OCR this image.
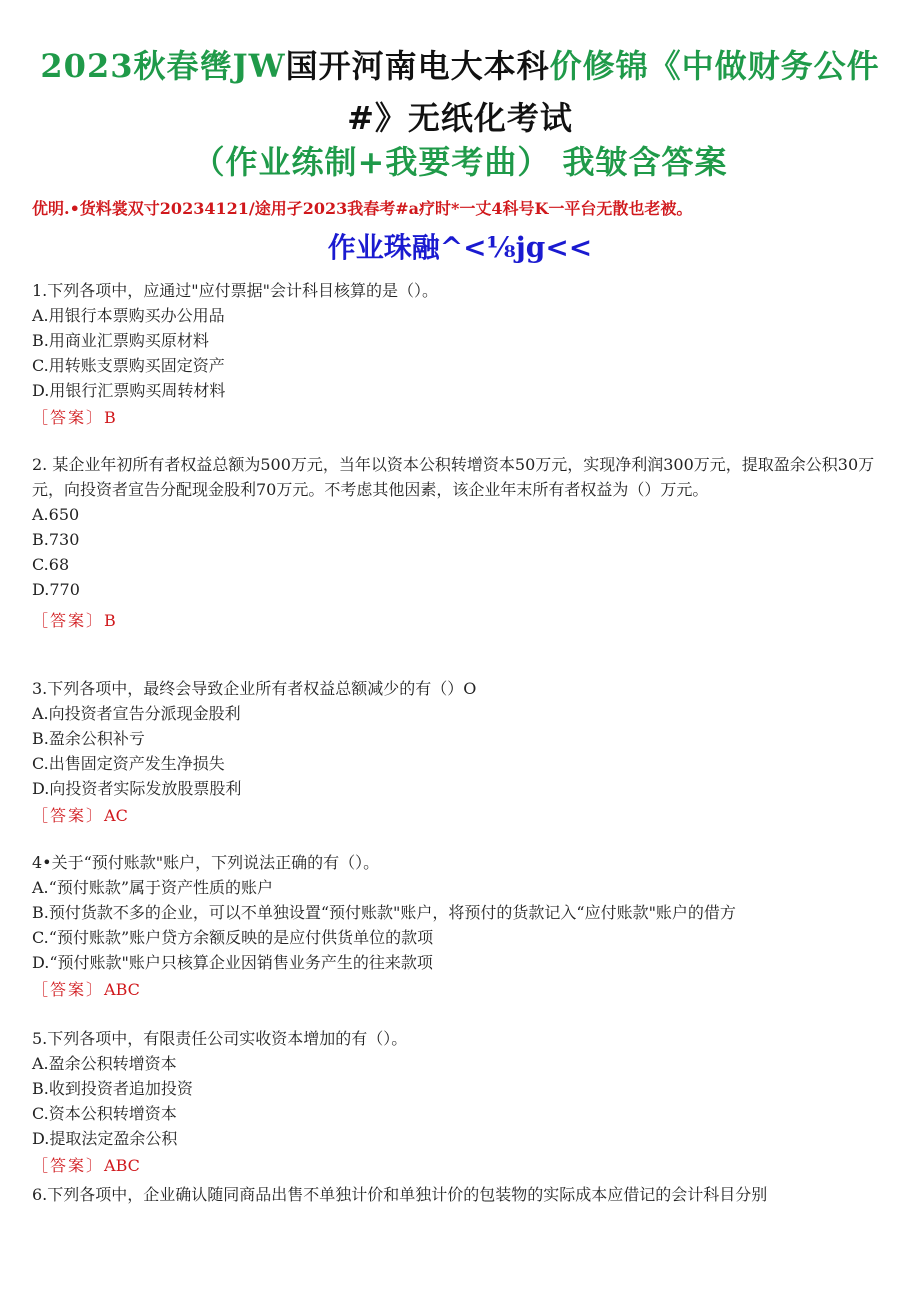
2023秋春辔JW国开河南电大本科价修锦《中做财务公件
#》无纸化考试
（作业练制+我要考曲） 我皱含答案
优明.•货料裳双寸20234121/途用孑2023我春考#a疗时*一丈4科号K一平台无散也老被。
作业珠融^<⅛jg<<
1.下列各项中，应通过"应付票据"会计科目核算的是（）。
A.用银行本票购买办公用品
B.用商业汇票购买原材料
C.用转账支票购买固定资产
D.用银行汇票购买周转材料
［答案〕B
2. 某企业年初所有者权益总额为500万元，当年以资本公积转增资本50万元，实现净利润300万元，提取盈余公积30万元，向投资者宣告分配现金股利70万元。不考虑其他因素，该企业年末所有者权益为（）万元。
A.650
B.730
C.68
D.770
［答案〕B
3.下列各项中，最终会导致企业所有者权益总额减少的有（）O
A.向投资者宣告分派现金股利
B.盈余公积补亏
C.出售固定资产发生净损失
D.向投资者实际发放股票股利
［答案〕AC
4•关于“预付账款"账户，下列说法正确的有（）。
A.“预付账款”属于资产性质的账户
B.预付货款不多的企业，可以不单独设置“预付账款"账户，将预付的货款记入“应付账款"账户的借方
C.“预付账款”账户贷方余额反映的是应付供货单位的款项
D.“预付账款"账户只核算企业因销售业务产生的往来款项
［答案〕ABC
5.下列各项中，有限责任公司实收资本增加的有（）。
A.盈余公积转增资本
B.收到投资者追加投资
C.资本公积转增资本
D.提取法定盈余公积
［答案〕ABC
6.下列各项中，企业确认随同商品出售不单独计价和单独计价的包装物的实际成本应借记的会计科目分别
